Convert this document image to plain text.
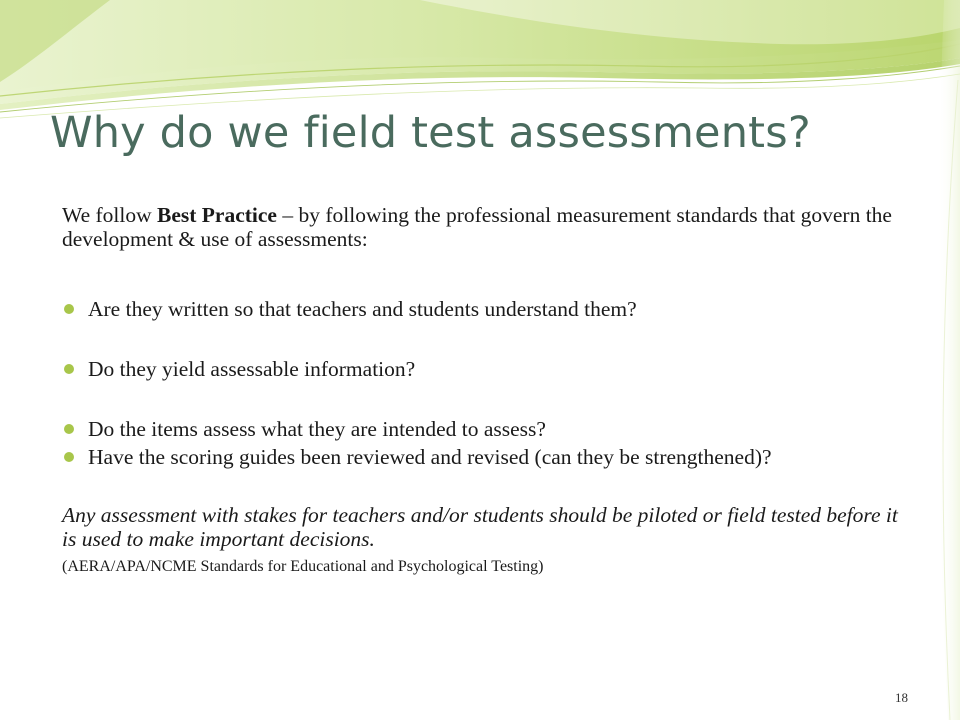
Why do we field test assessments?

We follow Best Practice – by following the professional measurement standards that govern the development & use of assessments:

Are they written so that teachers and students understand them?
Do they yield assessable information?
Do the items assess what they are intended to assess?
Have the scoring guides been reviewed and revised (can they be strengthened)?

Any assessment with stakes for teachers and/or students should be piloted or field tested before it is used to make important decisions.

(AERA/APA/NCME Standards for Educational and Psychological Testing)

18
